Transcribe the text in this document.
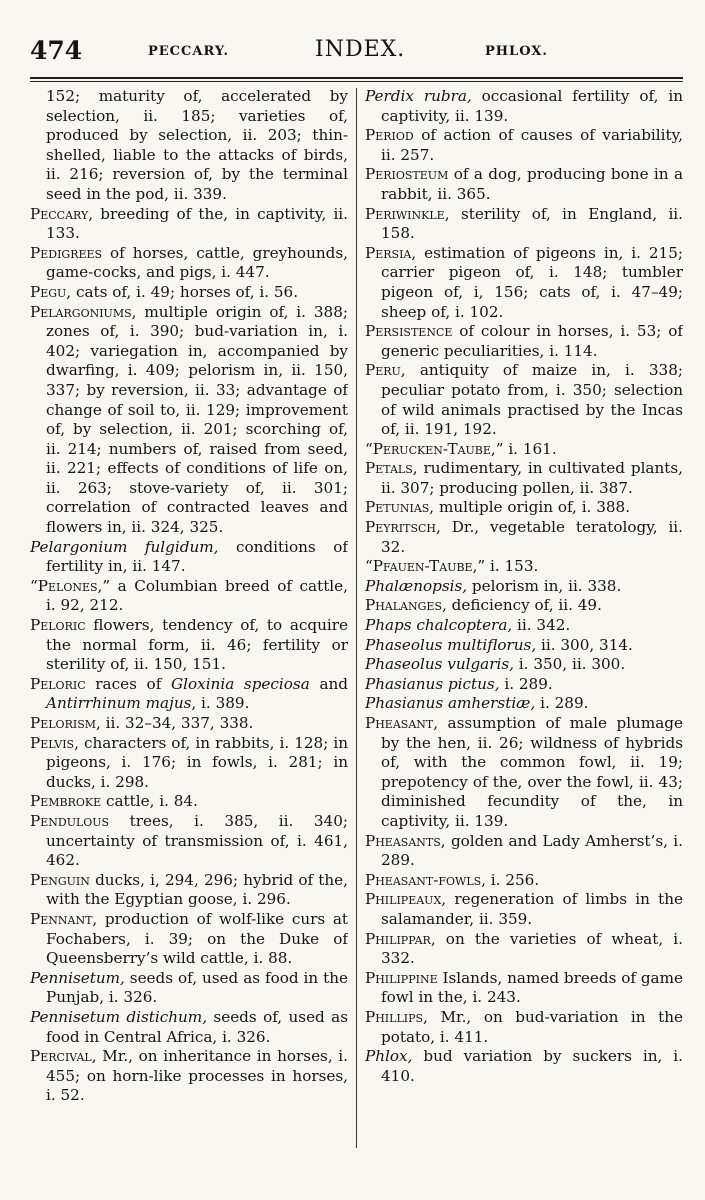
474	PECCARY.	INDEX.	PHLOX.

152; maturity of, accelerated by selection, ii. 185; varieties of, produced by selection, ii. 203; thin-shelled, liable to the attacks of birds, ii. 216; reversion of, by the terminal seed in the pod, ii. 339.

Peccary, breeding of the, in captivity, ii. 133.

Pedigrees of horses, cattle, greyhounds, game-cocks, and pigs, i. 447.

Pegu, cats of, i. 49; horses of, i. 56.

Pelargoniums, multiple origin of, i. 388; zones of, i. 390; bud-variation in, i. 402; variegation in, accompanied by dwarfing, i. 409; pelorism in, ii. 150, 337; by reversion, ii. 33; advantage of change of soil to, ii. 129; improvement of, by selection, ii. 201; scorching of, ii. 214; numbers of, raised from seed, ii. 221; effects of conditions of life on, ii. 263; stove-variety of, ii. 301; correlation of contracted leaves and flowers in, ii. 324, 325.

Pelargonium fulgidum, conditions of fertility in, ii. 147.

“Pelones,” a Columbian breed of cattle, i. 92, 212.

Peloric flowers, tendency of, to acquire the normal form, ii. 46; fertility or sterility of, ii. 150, 151.

Peloric races of Gloxinia speciosa and Antirrhinum majus, i. 389.

Pelorism, ii. 32–34, 337, 338.

Pelvis, characters of, in rabbits, i. 128; in pigeons, i. 176; in fowls, i. 281; in ducks, i. 298.

Pembroke cattle, i. 84.

Pendulous trees, i. 385, ii. 340; uncertainty of transmission of, i. 461, 462.

Penguin ducks, i, 294, 296; hybrid of the, with the Egyptian goose, i. 296.

Pennant, production of wolf-like curs at Fochabers, i. 39; on the Duke of Queensberry’s wild cattle, i. 88.

Pennisetum, seeds of, used as food in the Punjab, i. 326.

Pennisetum distichum, seeds of, used as food in Central Africa, i. 326.

Percival, Mr., on inheritance in horses, i. 455; on horn-like processes in horses, i. 52.

Perdix rubra, occasional fertility of, in captivity, ii. 139.

Period of action of causes of variability, ii. 257.

Periosteum of a dog, producing bone in a rabbit, ii. 365.

Periwinkle, sterility of, in England, ii. 158.

Persia, estimation of pigeons in, i. 215; carrier pigeon of, i. 148; tumbler pigeon of, i, 156; cats of, i. 47–49; sheep of, i. 102.

Persistence of colour in horses, i. 53; of generic peculiarities, i. 114.

Peru, antiquity of maize in, i. 338; peculiar potato from, i. 350; selection of wild animals practised by the Incas of, ii. 191, 192.

“Perucken-Taube,” i. 161.

Petals, rudimentary, in cultivated plants, ii. 307; producing pollen, ii. 387.

Petunias, multiple origin of, i. 388.

Peyritsch, Dr., vegetable teratology, ii. 32.

“Pfauen-Taube,” i. 153.

Phalænopsis, pelorism in, ii. 338.

Phalanges, deficiency of, ii. 49.

Phaps chalcoptera, ii. 342.

Phaseolus multiflorus, ii. 300, 314.

Phaseolus vulgaris, i. 350, ii. 300.

Phasianus pictus, i. 289.

Phasianus amherstiæ, i. 289.

Pheasant, assumption of male plumage by the hen, ii. 26; wildness of hybrids of, with the common fowl, ii. 19; prepotency of the, over the fowl, ii. 43; diminished fecundity of the, in captivity, ii. 139.

Pheasants, golden and Lady Amherst’s, i. 289.

Pheasant-fowls, i. 256.

Philipeaux, regeneration of limbs in the salamander, ii. 359.

Philippar, on the varieties of wheat, i. 332.

Philippine Islands, named breeds of game fowl in the, i. 243.

Phillips, Mr., on bud-variation in the potato, i. 411.

Phlox, bud variation by suckers in, i. 410.
